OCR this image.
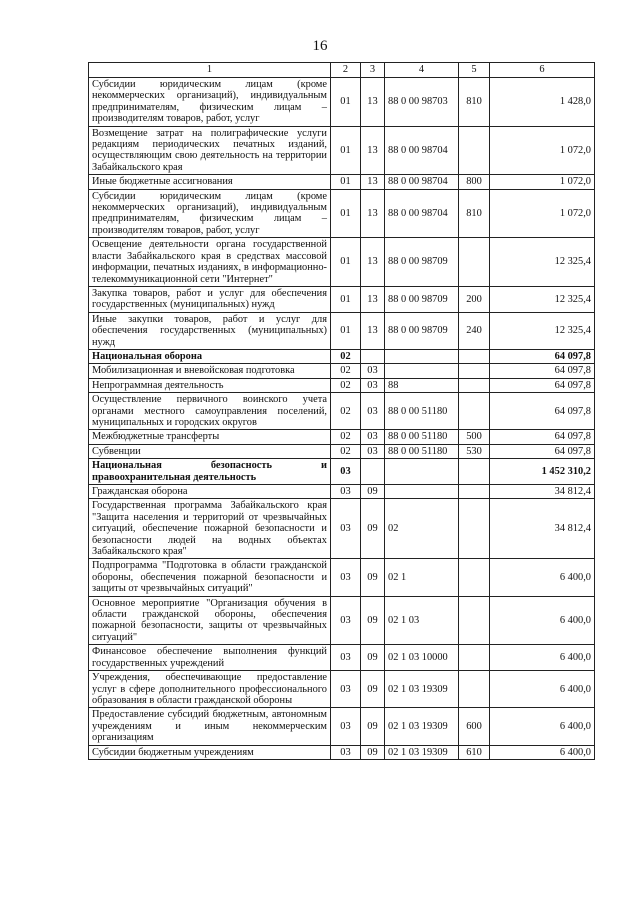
16
1	2	3	4	5	6
Субсидии юридическим лицам (кроме некоммерческих организаций), индивидуальным предпринимателям, физическим лицам – производителям товаров, работ, услуг	01	13	88 0 00 98703	810	1 428,0
Возмещение затрат на полиграфические услуги редакциям периодических печатных изданий, осуществляющим свою деятельность на территории Забайкальского края	01	13	88 0 00 98704		1 072,0
Иные бюджетные ассигнования	01	13	88 0 00 98704	800	1 072,0
Субсидии юридическим лицам (кроме некоммерческих организаций), индивидуальным предпринимателям, физическим лицам – производителям товаров, работ, услуг	01	13	88 0 00 98704	810	1 072,0
Освещение деятельности органа государственной власти Забайкальского края в средствах массовой информации, печатных изданиях, в информационно-телекоммуникационной сети "Интернет"	01	13	88 0 00 98709		12 325,4
Закупка товаров, работ и услуг для обеспечения государственных (муниципальных) нужд	01	13	88 0 00 98709	200	12 325,4
Иные закупки товаров, работ и услуг для обеспечения государственных (муниципальных) нужд	01	13	88 0 00 98709	240	12 325,4
Национальная оборона	02				64 097,8
Мобилизационная и вневойсковая подготовка	02	03			64 097,8
Непрограммная деятельность	02	03	88		64 097,8
Осуществление первичного воинского учета органами местного самоуправления поселений, муниципальных и городских округов	02	03	88 0 00 51180		64 097,8
Межбюджетные трансферты	02	03	88 0 00 51180	500	64 097,8
Субвенции	02	03	88 0 00 51180	530	64 097,8
Национальная безопасность и правоохранительная деятельность	03				1 452 310,2
Гражданская оборона	03	09			34 812,4
Государственная программа Забайкальского края "Защита населения и территорий от чрезвычайных ситуаций, обеспечение пожарной безопасности и безопасности людей на водных объектах Забайкальского края"	03	09	02		34 812,4
Подпрограмма "Подготовка в области гражданской обороны, обеспечения пожарной безопасности и защиты от чрезвычайных ситуаций"	03	09	02 1		6 400,0
Основное мероприятие "Организация обучения в области гражданской обороны, обеспечения пожарной безопасности, защиты от чрезвычайных ситуаций"	03	09	02 1 03		6 400,0
Финансовое обеспечение выполнения функций государственных учреждений	03	09	02 1 03 10000		6 400,0
Учреждения, обеспечивающие предоставление услуг в сфере дополнительного профессионального образования в области гражданской обороны	03	09	02 1 03 19309		6 400,0
Предоставление субсидий бюджетным, автономным учреждениям и иным некоммерческим организациям	03	09	02 1 03 19309	600	6 400,0
Субсидии бюджетным учреждениям	03	09	02 1 03 19309	610	6 400,0
